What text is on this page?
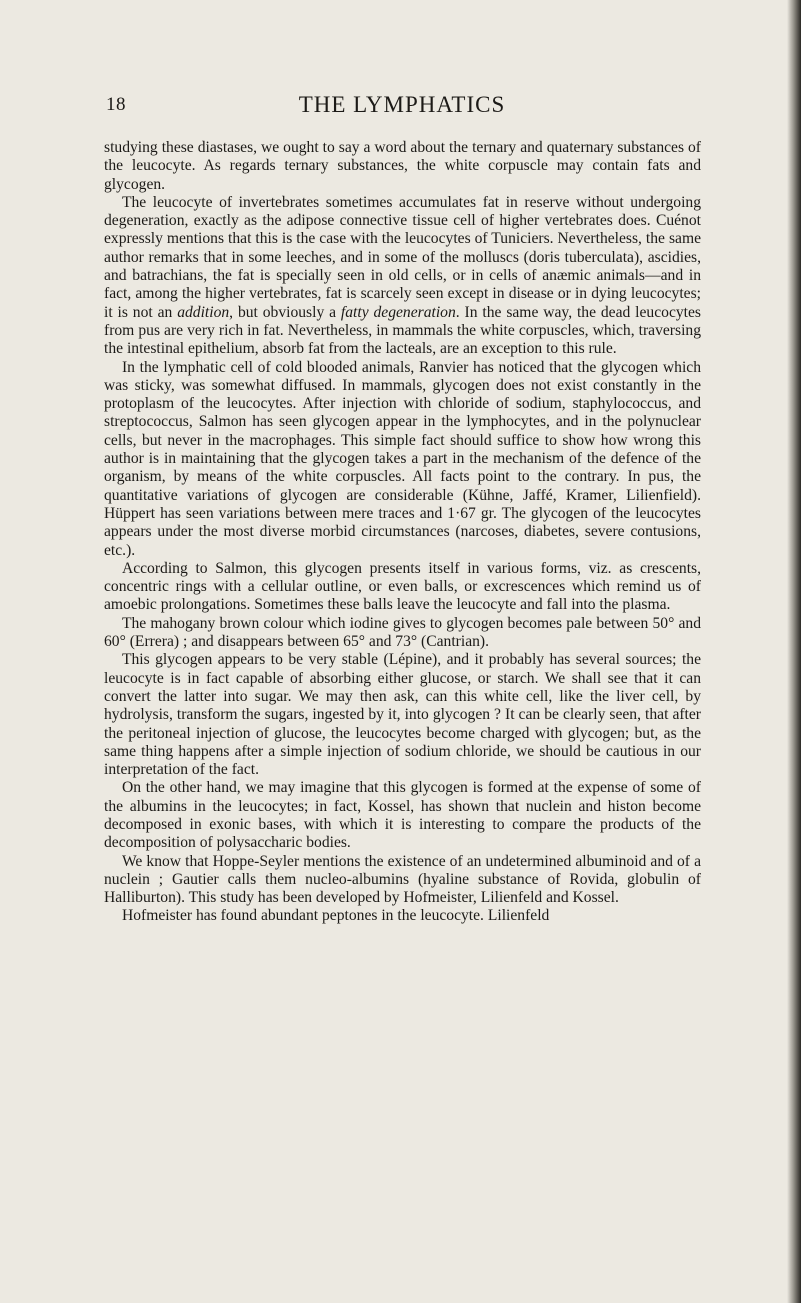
18	THE LYMPHATICS

studying these diastases, we ought to say a word about the ternary and quaternary substances of the leucocyte. As regards ternary substances, the white corpuscle may contain fats and glycogen.

The leucocyte of invertebrates sometimes accumulates fat in reserve without undergoing degeneration, exactly as the adipose connective tissue cell of higher vertebrates does. Cuénot expressly mentions that this is the case with the leucocytes of Tuniciers. Nevertheless, the same author remarks that in some leeches, and in some of the molluscs (doris tuberculata), ascidies, and batrachians, the fat is specially seen in old cells, or in cells of anæmic animals—and in fact, among the higher vertebrates, fat is scarcely seen except in disease or in dying leucocytes; it is not an addition, but obviously a fatty degeneration. In the same way, the dead leucocytes from pus are very rich in fat. Nevertheless, in mammals the white corpuscles, which, traversing the intestinal epithelium, absorb fat from the lacteals, are an exception to this rule.

In the lymphatic cell of cold blooded animals, Ranvier has noticed that the glycogen which was sticky, was somewhat diffused. In mammals, glycogen does not exist constantly in the protoplasm of the leucocytes. After injection with chloride of sodium, staphylococcus, and streptococcus, Salmon has seen glycogen appear in the lymphocytes, and in the polynuclear cells, but never in the macrophages. This simple fact should suffice to show how wrong this author is in maintaining that the glycogen takes a part in the mechanism of the defence of the organism, by means of the white corpuscles. All facts point to the contrary. In pus, the quantitative variations of glycogen are considerable (Kühne, Jaffé, Kramer, Lilienfield). Hüppert has seen variations between mere traces and 1·67 gr. The glycogen of the leucocytes appears under the most diverse morbid circumstances (narcoses, diabetes, severe contusions, etc.).

According to Salmon, this glycogen presents itself in various forms, viz. as crescents, concentric rings with a cellular outline, or even balls, or excrescences which remind us of amoebic prolongations. Sometimes these balls leave the leucocyte and fall into the plasma.

The mahogany brown colour which iodine gives to glycogen becomes pale between 50° and 60° (Errera) ; and disappears between 65° and 73° (Cantrian).

This glycogen appears to be very stable (Lépine), and it probably has several sources; the leucocyte is in fact capable of absorbing either glucose, or starch. We shall see that it can convert the latter into sugar. We may then ask, can this white cell, like the liver cell, by hydrolysis, transform the sugars, ingested by it, into glycogen ? It can be clearly seen, that after the peritoneal injection of glucose, the leucocytes become charged with glycogen; but, as the same thing happens after a simple injection of sodium chloride, we should be cautious in our interpretation of the fact.

On the other hand, we may imagine that this glycogen is formed at the expense of some of the albumins in the leucocytes; in fact, Kossel, has shown that nuclein and histon become decomposed in exonic bases, with which it is interesting to compare the products of the decomposition of polysaccharic bodies.

We know that Hoppe-Seyler mentions the existence of an undetermined albuminoid and of a nuclein ; Gautier calls them nucleo-albumins (hyaline substance of Rovida, globulin of Halliburton). This study has been developed by Hofmeister, Lilienfeld and Kossel.

Hofmeister has found abundant peptones in the leucocyte. Lilienfeld
